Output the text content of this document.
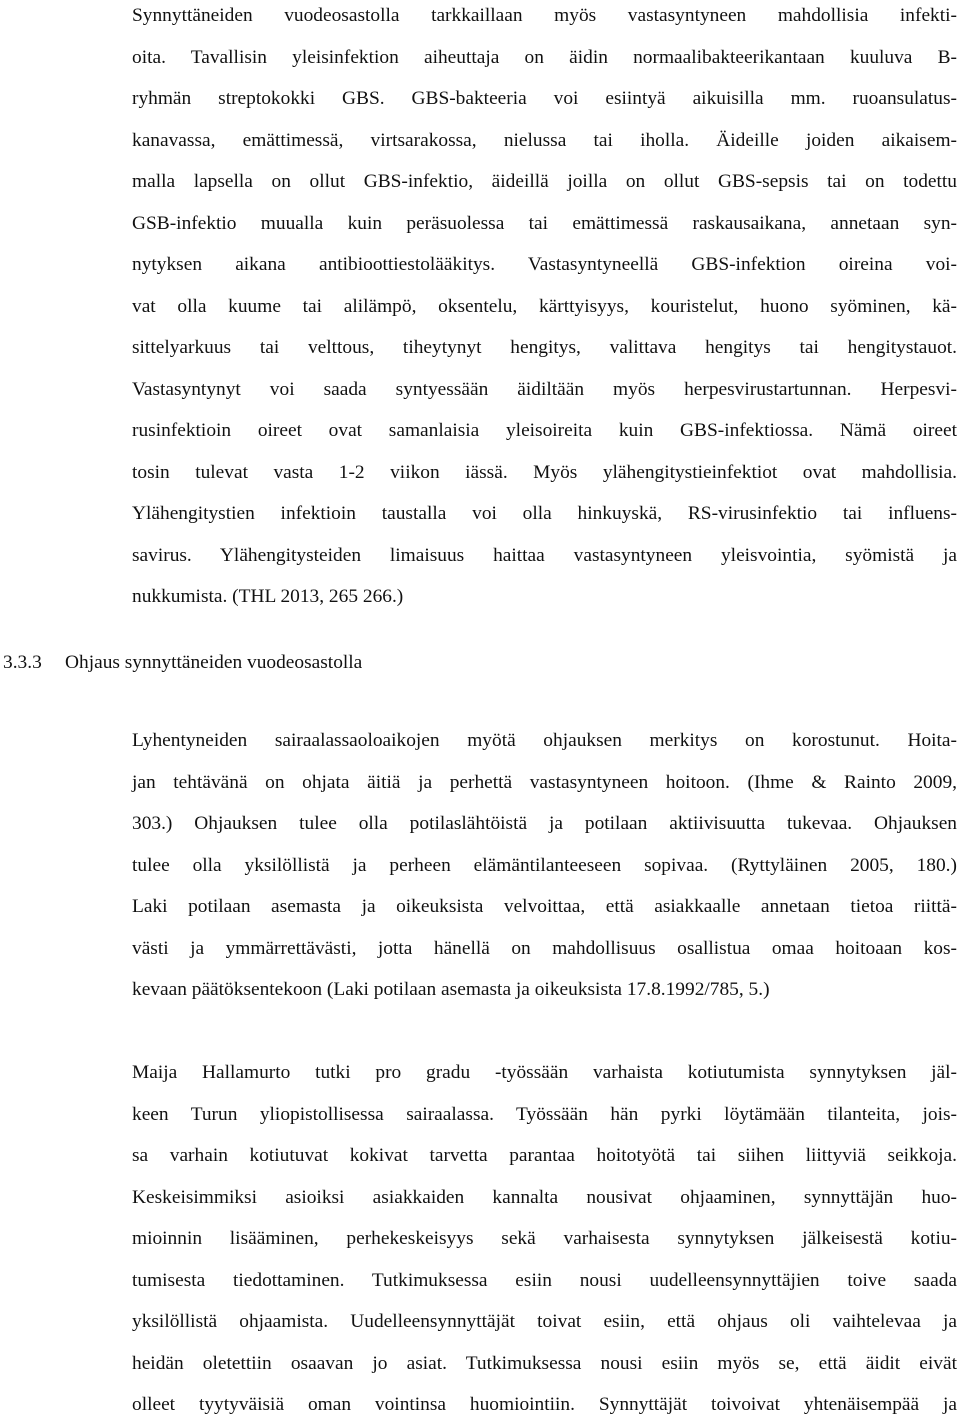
Synnyttäneiden vuodeosastolla tarkkaillaan myös vastasyntyneen mahdollisia infekti-
oita. Tavallisin yleisinfektion aiheuttaja on äidin normaalibakteerikantaan kuuluva B-
ryhmän streptokokki GBS. GBS-bakteeria voi esiintyä aikuisilla mm. ruoansulatus-
kanavassa, emättimessä, virtsarakossa, nielussa tai iholla. Äideille joiden aikaisem-
malla lapsella on ollut GBS-infektio, äideillä joilla on ollut GBS-sepsis tai on todettu
GSB-infektio muualla kuin peräsuolessa tai emättimessä raskausaikana, annetaan syn-
nytyksen aikana antibioottiestolääkitys. Vastasyntyneellä GBS-infektion oireina voi-
vat olla kuume tai alilämpö, oksentelu, kärttyisyys, kouristelut, huono syöminen, kä-
sittelyarkuus tai velttous, tiheytynyt hengitys, valittava hengitys tai hengitystauot.
Vastasyntynyt voi saada syntyessään äidiltään myös herpesvirustartunnan. Herpesvi-
rusinfektioin oireet ovat samanlaisia yleisoireita kuin GBS-infektiossa. Nämä oireet
tosin tulevat vasta 1-2 viikon iässä. Myös ylähengitystieinfektiot ovat mahdollisia.
Ylähengitystien infektioin taustalla voi olla hinkuyskä, RS-virusinfektio tai influens-
savirus. Ylähengitysteiden limaisuus haittaa vastasyntyneen yleisvointia, syömistä ja
nukkumista. (THL 2013, 265 266.)
3.3.3 Ohjaus synnyttäneiden vuodeosastolla
Lyhentyneiden sairaalassaoloaikojen myötä ohjauksen merkitys on korostunut. Hoita-
jan tehtävänä on ohjata äitiä ja perhettä vastasyntyneen hoitoon. (Ihme & Rainto 2009,
303.) Ohjauksen tulee olla potilaslähtöistä ja potilaan aktiivisuutta tukevaa. Ohjauksen
tulee olla yksilöllistä ja perheen elämäntilanteeseen sopivaa. (Ryttyläinen 2005, 180.)
Laki potilaan asemasta ja oikeuksista velvoittaa, että asiakkaalle annetaan tietoa riittä-
västi ja ymmärrettävästi, jotta hänellä on mahdollisuus osallistua omaa hoitoaan kos-
kevaan päätöksentekoon (Laki potilaan asemasta ja oikeuksista 17.8.1992/785, 5.)
Maija Hallamurto tutki pro gradu -työssään varhaista kotiutumista synnytyksen jäl-
keen Turun yliopistollisessa sairaalassa. Työssään hän pyrki löytämään tilanteita, jois-
sa varhain kotiutuvat kokivat tarvetta parantaa hoitotyötä tai siihen liittyviä seikkoja.
Keskeisimmiksi asioiksi asiakkaiden kannalta nousivat ohjaaminen, synnyttäjän huo-
mioinnin lisääminen, perhekeskeisyys sekä varhaisesta synnytyksen jälkeisestä kotiu-
tumisesta tiedottaminen. Tutkimuksessa esiin nousi uudelleensynnyttäjien toive saada
yksilöllistä ohjaamista. Uudelleensynnyttäjät toivat esiin, että ohjaus oli vaihtelevaa ja
heidän oletettiin osaavan jo asiat. Tutkimuksessa nousi esiin myös se, että äidit eivät
olleet tyytyväisiä oman vointinsa huomiointiin. Synnyttäjät toivoivat yhtenäisempää ja
